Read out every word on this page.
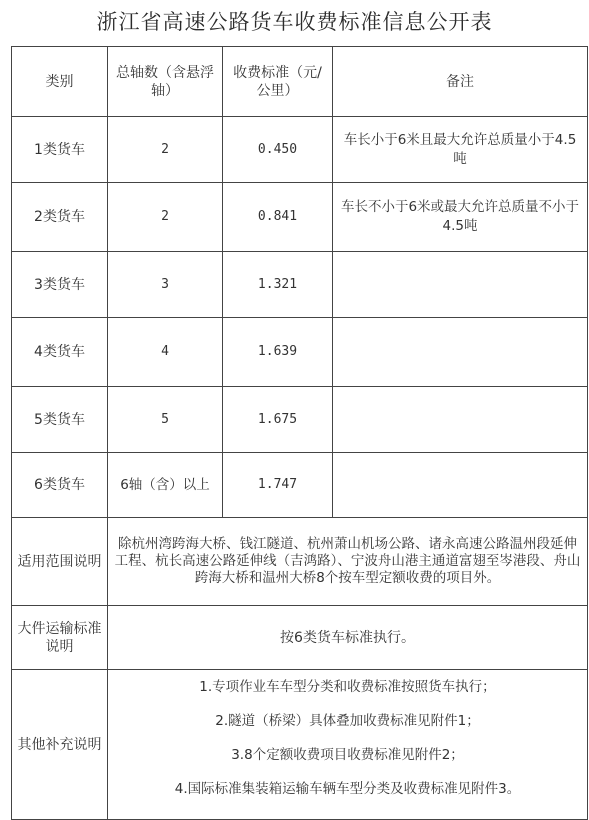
浙江省高速公路货车收费标准信息公开表
类别	总轴数（含悬浮轴）	收费标准（元/公里）	备注
1类货车	2	0.450	车长小于6米且最大允许总质量小于4.5吨
2类货车	2	0.841	车长不小于6米或最大允许总质量不小于4.5吨
3类货车	3	1.321	
4类货车	4	1.639	
5类货车	5	1.675	
6类货车	6轴（含）以上	1.747	
适用范围说明	除杭州湾跨海大桥、钱江隧道、杭州萧山机场公路、诸永高速公路温州段延伸工程、杭长高速公路延伸线（吉鸿路）、宁波舟山港主通道富翅至岑港段、舟山跨海大桥和温州大桥8个按车型定额收费的项目外。		
大件运输标准说明	按6类货车标准执行。		
其他补充说明	1.专项作业车车型分类和收费标准按照货车执行；

2.隧道（桥梁）具体叠加收费标准见附件1；

3.8个定额收费项目收费标准见附件2；

4.国际标准集装箱运输车辆车型分类及收费标准见附件3。		
